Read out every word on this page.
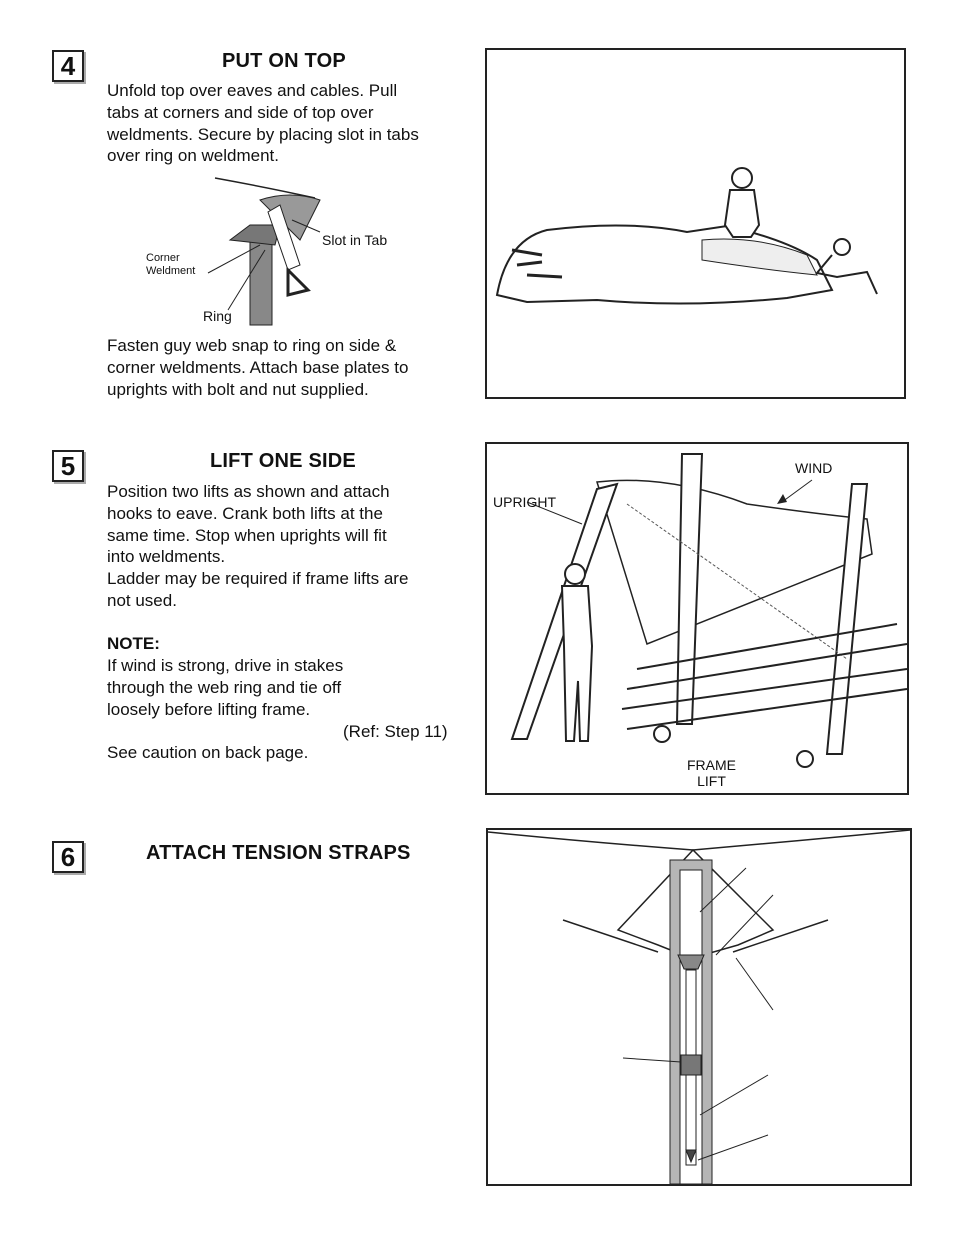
4	PUT ON TOP

Unfold top over eaves and cables. Pull
tabs at corners and side of top over
weldments. Secure by placing slot in tabs
over ring on weldment.

Slot in Tab
Corner
Weldment
Ring

Fasten guy web snap to ring on side &
corner weldments. Attach base plates to
uprights with bolt and nut supplied.

5	LIFT ONE SIDE

Position two lifts as shown and attach
hooks to eave. Crank both lifts at the
same time. Stop when uprights will fit
into weldments.
Ladder may be required if frame lifts are
not used.

NOTE:

If wind is strong, drive in stakes
through the web ring and tie off
loosely before lifting frame.

(Ref: Step 11)
See caution on back page.
UPRIGHT
WIND
FRAME
LIFT
6	ATTACH TENSION STRAPS
